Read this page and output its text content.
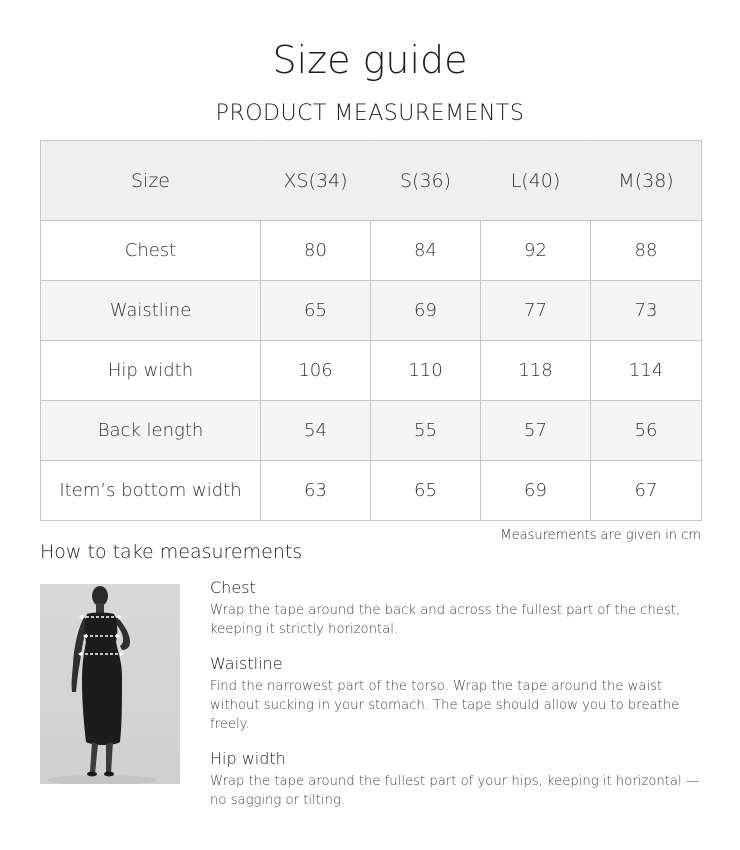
Size guide
PRODUCT MEASUREMENTS
Size	XS(34)	S(36)	L(40)	M(38)
Chest	80	84	92	88
Waistline	65	69	77	73
Hip width	106	110	118	114
Back length	54	55	57	56
Item’s bottom width	63	65	69	67
Measurements are given in cm
How to take measurements
Chest

Wrap the tape around the back and across the fullest part of the chest, keeping it strictly horizontal.

Waistline

Find the narrowest part of the torso. Wrap the tape around the waist without sucking in your stomach. The tape should allow you to breathe freely.

Hip width

Wrap the tape around the fullest part of your hips, keeping it horizontal — no sagging or tilting.
